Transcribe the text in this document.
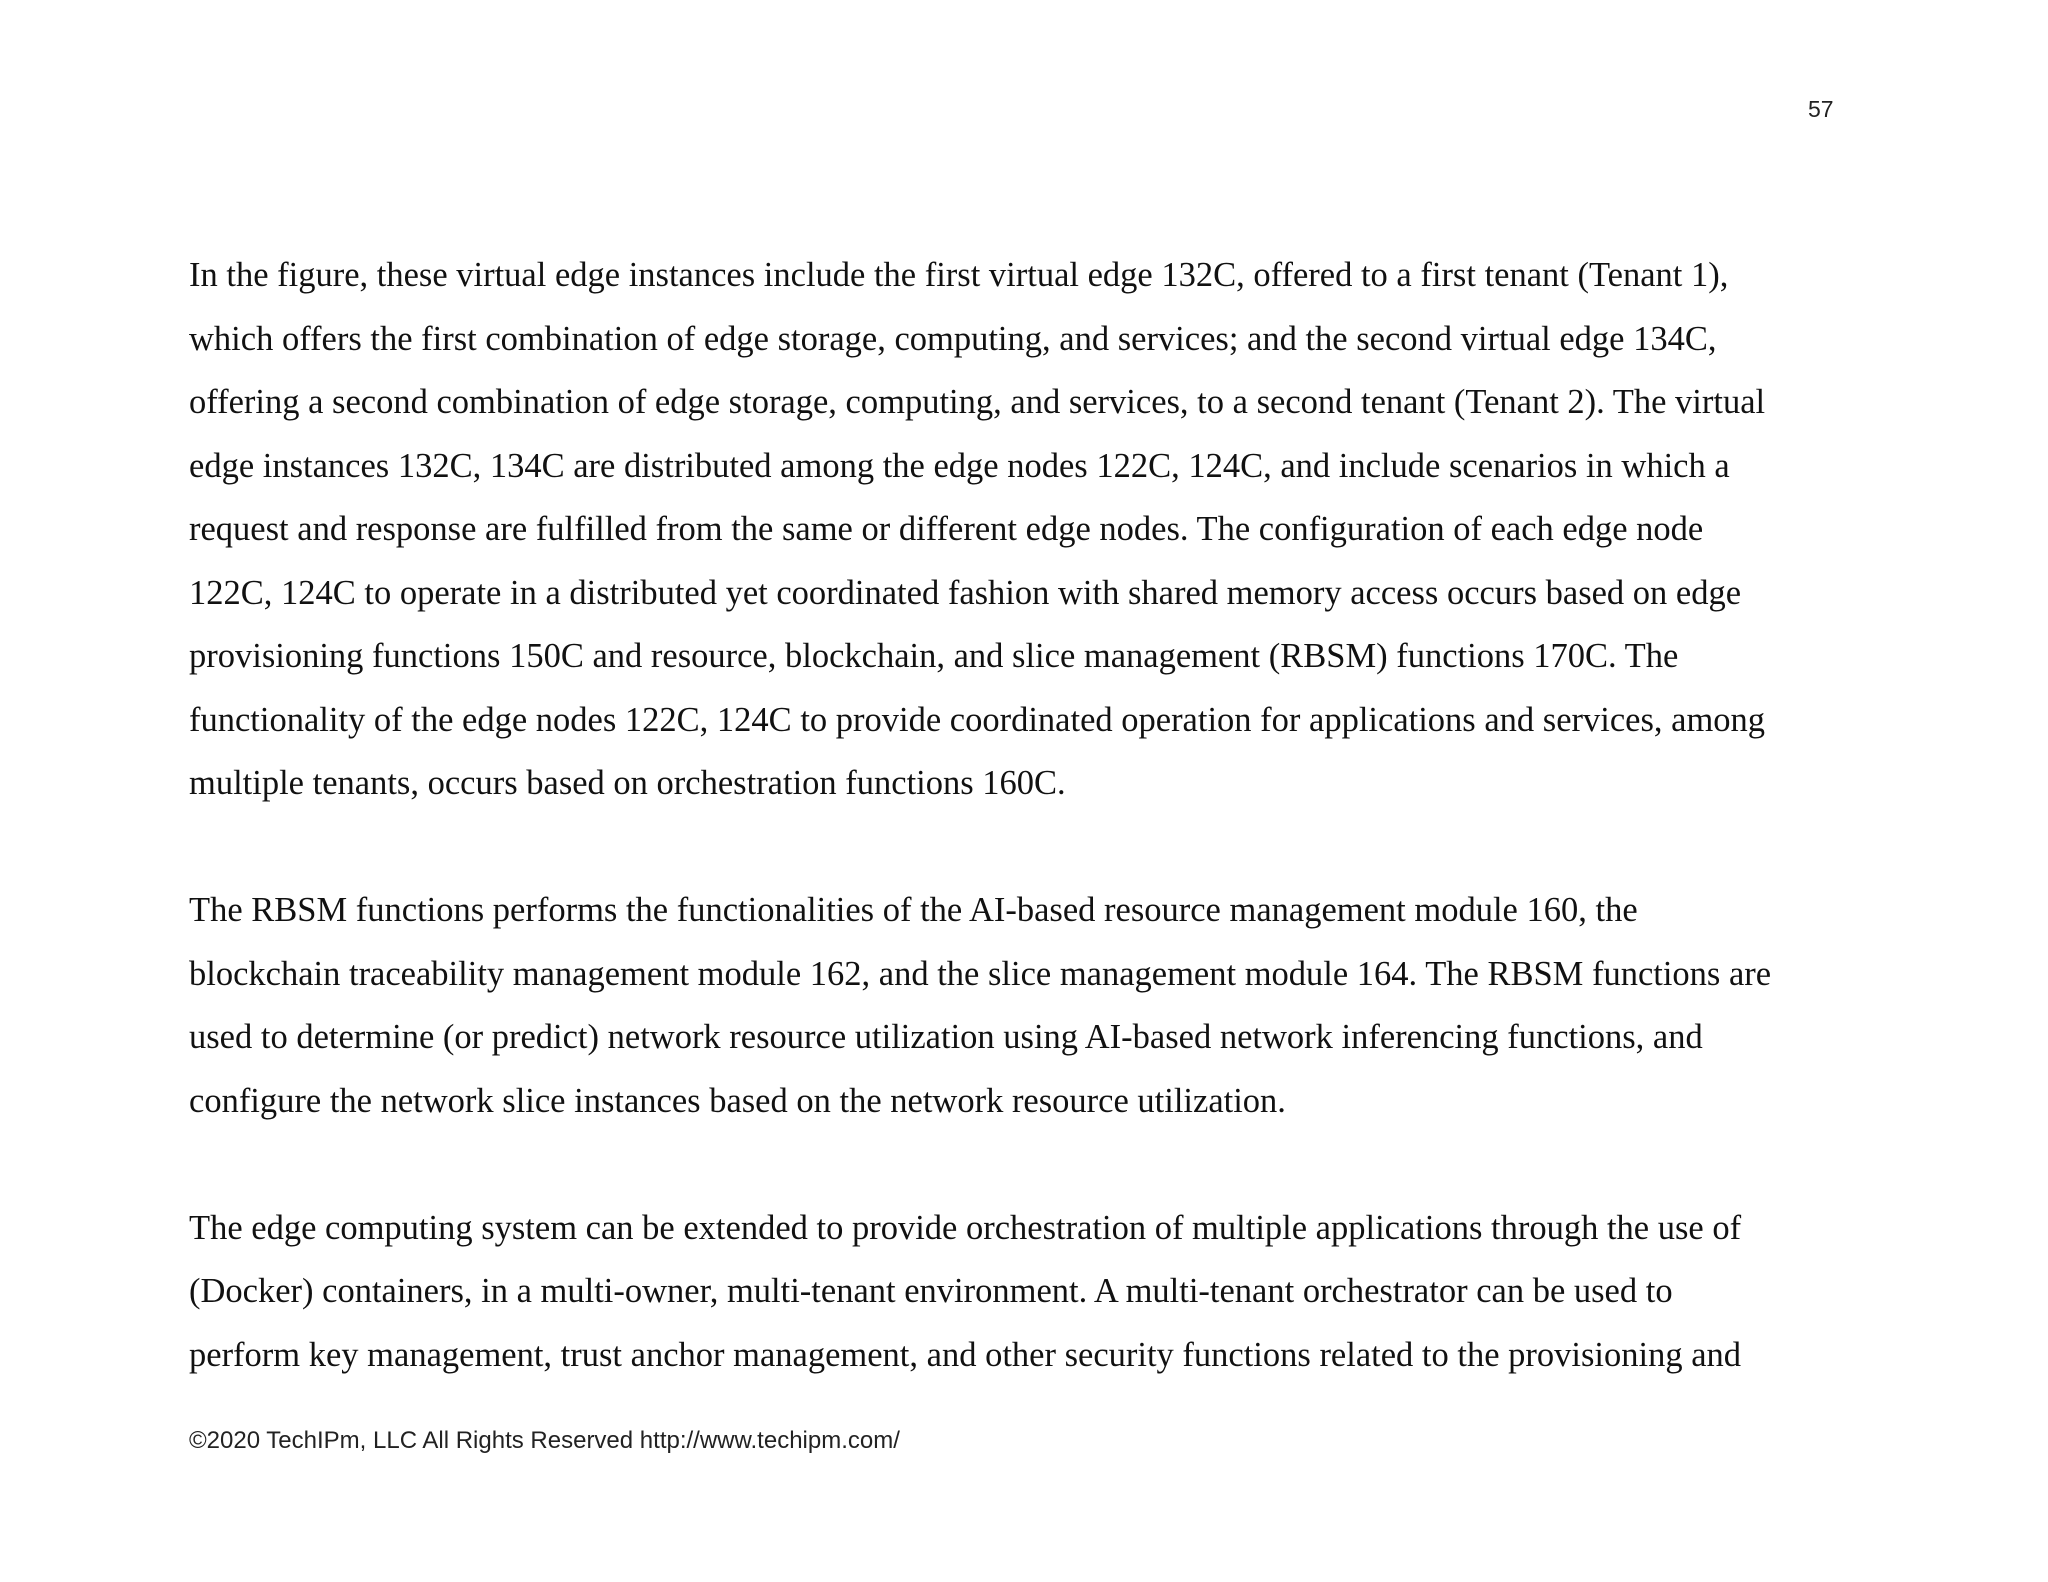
57

In the figure, these virtual edge instances include the first virtual edge 132C, offered to a first tenant (Tenant 1),
which offers the first combination of edge storage, computing, and services; and the second virtual edge 134C,
offering a second combination of edge storage, computing, and services, to a second tenant (Tenant 2). The virtual
edge instances 132C, 134C are distributed among the edge nodes 122C, 124C, and include scenarios in which a
request and response are fulfilled from the same or different edge nodes. The configuration of each edge node
122C, 124C to operate in a distributed yet coordinated fashion with shared memory access occurs based on edge
provisioning functions 150C and resource, blockchain, and slice management (RBSM) functions 170C. The
functionality of the edge nodes 122C, 124C to provide coordinated operation for applications and services, among
multiple tenants, occurs based on orchestration functions 160C.

The RBSM functions performs the functionalities of the AI-based resource management module 160, the
blockchain traceability management module 162, and the slice management module 164. The RBSM functions are
used to determine (or predict) network resource utilization using AI-based network inferencing functions, and
configure the network slice instances based on the network resource utilization.

The edge computing system can be extended to provide orchestration of multiple applications through the use of
(Docker) containers, in a multi-owner, multi-tenant environment. A multi-tenant orchestrator can be used to
perform key management, trust anchor management, and other security functions related to the provisioning and

©2020 TechIPm, LLC All Rights Reserved http://www.techipm.com/
